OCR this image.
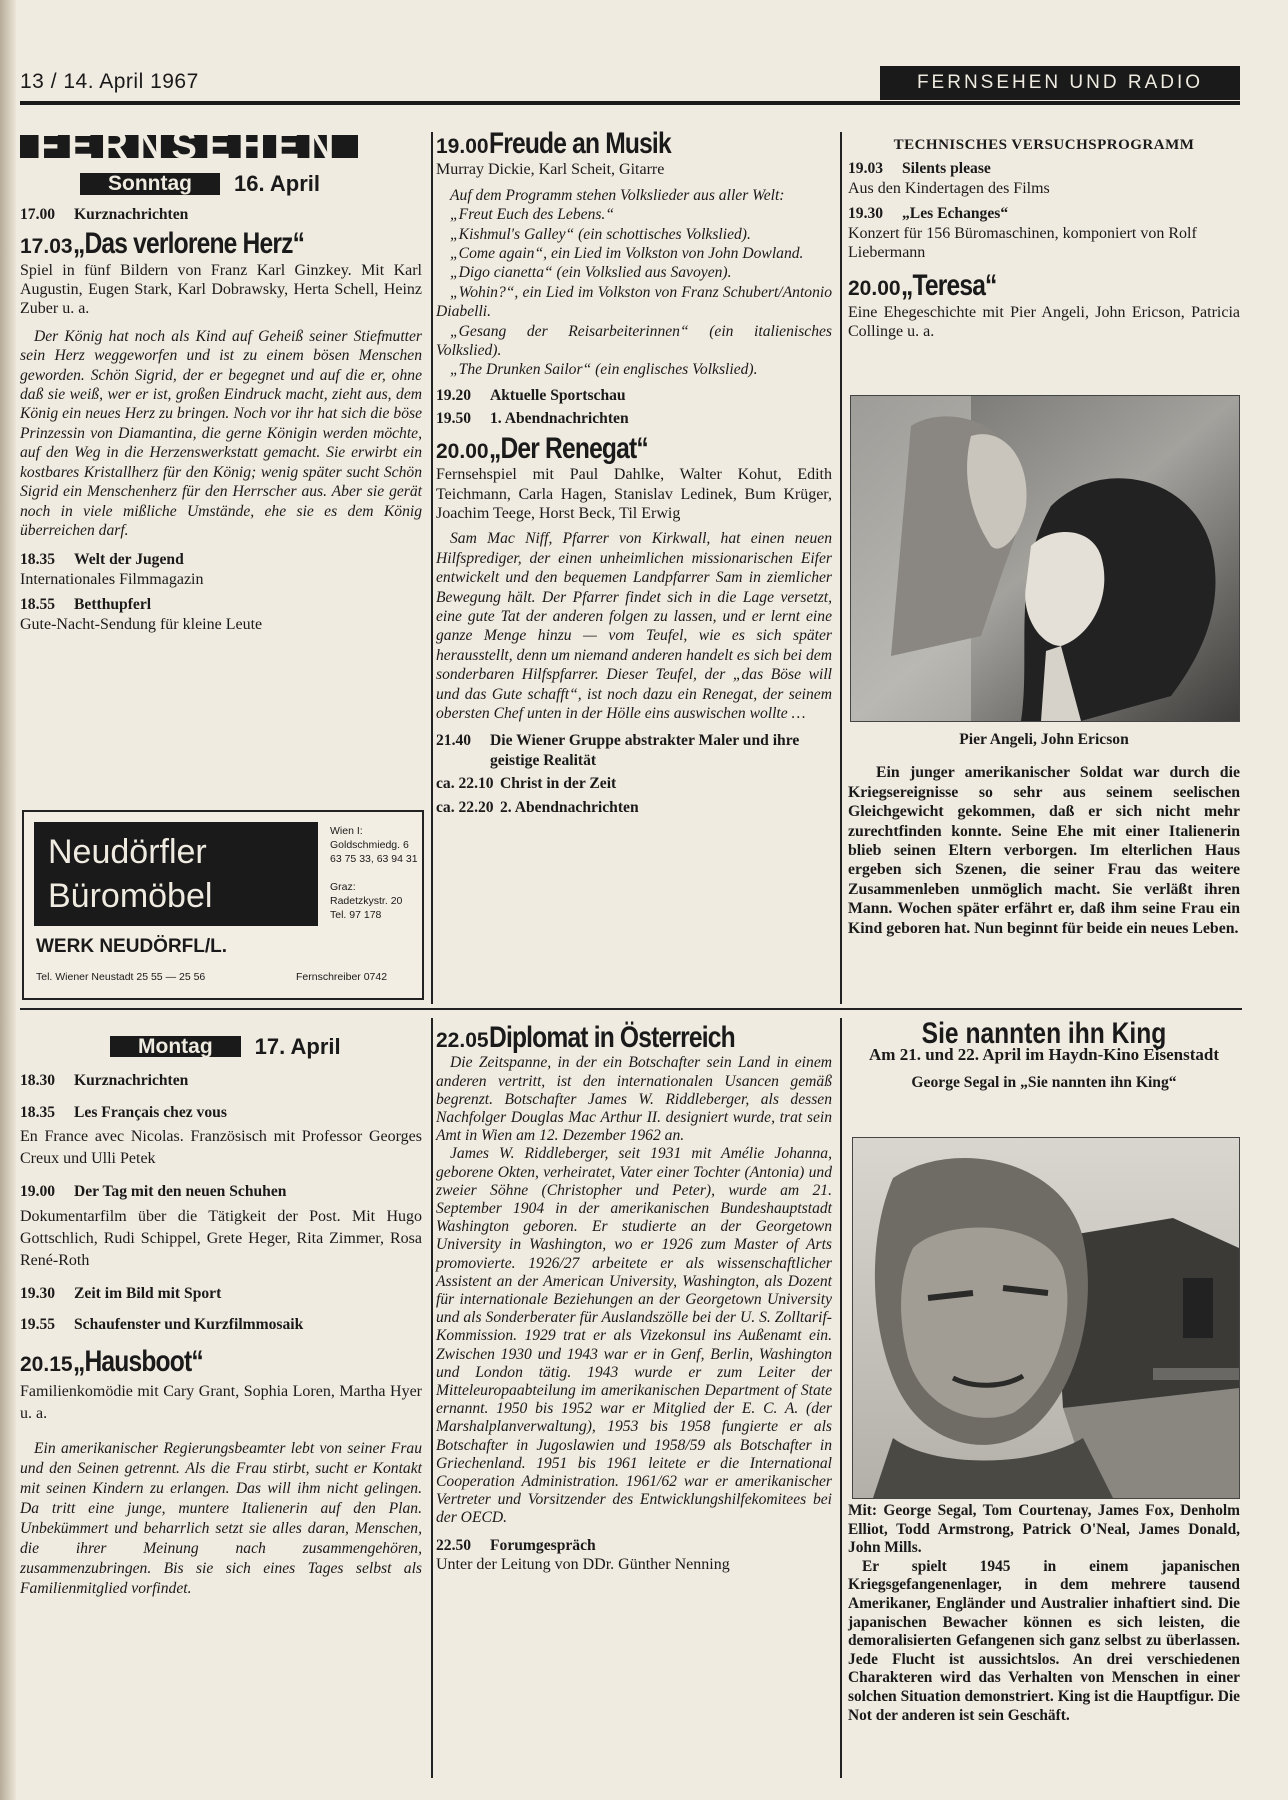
13 / 14. April 1967	FERNSEHEN UND RADIO
FERNSEHEN
Sonntag	16. April
17.00	Kurznachrichten
17.03 „Das verlorene Herz“

Spiel in fünf Bildern von Franz Karl Ginzkey. Mit Karl Augustin, Eugen Stark, Karl Dobrawsky, Herta Schell, Heinz Zuber u. a.

Der König hat noch als Kind auf Geheiß seiner Stiefmutter sein Herz weggeworfen und ist zu einem bösen Menschen geworden. Schön Sigrid, der er begegnet und auf die er, ohne daß sie weiß, wer er ist, großen Eindruck macht, zieht aus, dem König ein neues Herz zu bringen. Noch vor ihr hat sich die böse Prinzessin von Diamantina, die gerne Königin werden möchte, auf den Weg in die Herzenswerkstatt gemacht. Sie erwirbt ein kostbares Kristallherz für den König; wenig später sucht Schön Sigrid ein Menschenherz für den Herrscher aus. Aber sie gerät noch in viele mißliche Umstände, ehe sie es dem König überreichen darf.

18.35	Welt der Jugend

Internationales Filmmagazin

18.55	Betthupferl

Gute-Nacht-Sendung für kleine Leute

Neudörfler
Büromöbel
Wien I:
Goldschmiedg. 6
63 75 33, 63 94 31
Graz:
Radetzkystr. 20
Tel. 97 178
WERK NEUDÖRFL/L.
Tel. Wiener Neustadt 25 55 — 25 56	Fernschreiber 0742
19.00 Freude an Musik

Murray Dickie, Karl Scheit, Gitarre

Auf dem Programm stehen Volkslieder aus aller Welt:

„Freut Euch des Lebens.“

„Kishmul's Galley“ (ein schottisches Volkslied).

„Come again“, ein Lied im Volkston von John Dowland.

„Digo cianetta“ (ein Volkslied aus Savoyen).

„Wohin?“, ein Lied im Volkston von Franz Schubert/Antonio Diabelli.

„Gesang der Reisarbeiterinnen“ (ein italienisches Volkslied).

„The Drunken Sailor“ (ein englisches Volkslied).

19.20	Aktuelle Sportschau
19.50	1. Abendnachrichten
20.00 „Der Renegat“

Fernsehspiel mit Paul Dahlke, Walter Kohut, Edith Teichmann, Carla Hagen, Stanislav Ledinek, Bum Krüger, Joachim Teege, Horst Beck, Til Erwig

Sam Mac Niff, Pfarrer von Kirkwall, hat einen neuen Hilfsprediger, der einen unheimlichen missionarischen Eifer entwickelt und den bequemen Landpfarrer Sam in ziemlicher Bewegung hält. Der Pfarrer findet sich in die Lage versetzt, eine gute Tat der anderen folgen zu lassen, und er lernt eine ganze Menge hinzu — vom Teufel, wie es sich später herausstellt, denn um niemand anderen handelt es sich bei dem sonderbaren Hilfspfarrer. Dieser Teufel, der „das Böse will und das Gute schafft“, ist noch dazu ein Renegat, der seinem obersten Chef unten in der Hölle eins auswischen wollte …

21.40	Die Wiener Gruppe abstrakter Maler und ihre geistige Realität
ca. 22.10 Christ in der Zeit
ca. 22.20 2. Abendnachrichten
TECHNISCHES VERSUCHSPROGRAMM
19.03	Silents please

Aus den Kindertagen des Films

19.30	„Les Echanges“

Konzert für 156 Büromaschinen, komponiert von Rolf Liebermann

20.00 „Teresa“

Eine Ehegeschichte mit Pier Angeli, John Ericson, Patricia Collinge u. a.

Pier Angeli, John Ericson

Ein junger amerikanischer Soldat war durch die Kriegsereignisse so sehr aus seinem seelischen Gleichgewicht gekommen, daß er sich nicht mehr zurechtfinden konnte. Seine Ehe mit einer Italienerin blieb seinen Eltern verborgen. Im elterlichen Haus ergeben sich Szenen, die seiner Frau das weitere Zusammenleben unmöglich macht. Sie verläßt ihren Mann. Wochen später erfährt er, daß ihm seine Frau ein Kind geboren hat. Nun beginnt für beide ein neues Leben.

Montag	17. April
18.30	Kurznachrichten
18.35	Les Français chez vous

En France avec Nicolas. Französisch mit Professor Georges Creux und Ulli Petek

19.00	Der Tag mit den neuen Schuhen

Dokumentarfilm über die Tätigkeit der Post. Mit Hugo Gottschlich, Rudi Schippel, Grete Heger, Rita Zimmer, Rosa René-Roth

19.30	Zeit im Bild mit Sport
19.55	Schaufenster und Kurzfilmmosaik
20.15 „Hausboot“

Familienkomödie mit Cary Grant, Sophia Loren, Martha Hyer u. a.

Ein amerikanischer Regierungsbeamter lebt von seiner Frau und den Seinen getrennt. Als die Frau stirbt, sucht er Kontakt mit seinen Kindern zu erlangen. Das will ihm nicht gelingen. Da tritt eine junge, muntere Italienerin auf den Plan. Unbekümmert und beharrlich setzt sie alles daran, Menschen, die ihrer Meinung nach zusammengehören, zusammenzubringen. Bis sie sich eines Tages selbst als Familienmitglied vorfindet.

22.05 Diplomat in Österreich

Die Zeitspanne, in der ein Botschafter sein Land in einem anderen vertritt, ist den internationalen Usancen gemäß begrenzt. Botschafter James W. Riddleberger, als dessen Nachfolger Douglas Mac Arthur II. designiert wurde, trat sein Amt in Wien am 12. Dezember 1962 an.

James W. Riddleberger, seit 1931 mit Amélie Johanna, geborene Okten, verheiratet, Vater einer Tochter (Antonia) und zweier Söhne (Christopher und Peter), wurde am 21. September 1904 in der amerikanischen Bundeshauptstadt Washington geboren. Er studierte an der Georgetown University in Washington, wo er 1926 zum Master of Arts promovierte. 1926/27 arbeitete er als wissenschaftlicher Assistent an der American University, Washington, als Dozent für internationale Beziehungen an der Georgetown University und als Sonderberater für Auslandszölle bei der U. S. Zolltarif-Kommission. 1929 trat er als Vizekonsul ins Außenamt ein. Zwischen 1930 und 1943 war er in Genf, Berlin, Washington und London tätig. 1943 wurde er zum Leiter der Mitteleuropaabteilung im amerikanischen Department of State ernannt. 1950 bis 1952 war er Mitglied der E. C. A. (der Marshalplanverwaltung), 1953 bis 1958 fungierte er als Botschafter in Jugoslawien und 1958/59 als Botschafter in Griechenland. 1951 bis 1961 leitete er die International Cooperation Administration. 1961/62 war er amerikanischer Vertreter und Vorsitzender des Entwicklungshilfekomitees bei der OECD.

22.50	Forumgespräch

Unter der Leitung von DDr. Günther Nenning

Sie nannten ihn King

Am 21. und 22. April im Haydn-Kino Eisenstadt

George Segal in „Sie nannten ihn King“

Mit: George Segal, Tom Courtenay, James Fox, Denholm Elliot, Todd Armstrong, Patrick O'Neal, James Donald, John Mills.

Er spielt 1945 in einem japanischen Kriegsgefangenenlager, in dem mehrere tausend Amerikaner, Engländer und Australier inhaftiert sind. Die japanischen Bewacher können es sich leisten, die demoralisierten Gefangenen sich ganz selbst zu überlassen. Jede Flucht ist aussichtslos. An drei verschiedenen Charakteren wird das Verhalten von Menschen in einer solchen Situation demonstriert. King ist die Hauptfigur. Die Not der anderen ist sein Geschäft.
